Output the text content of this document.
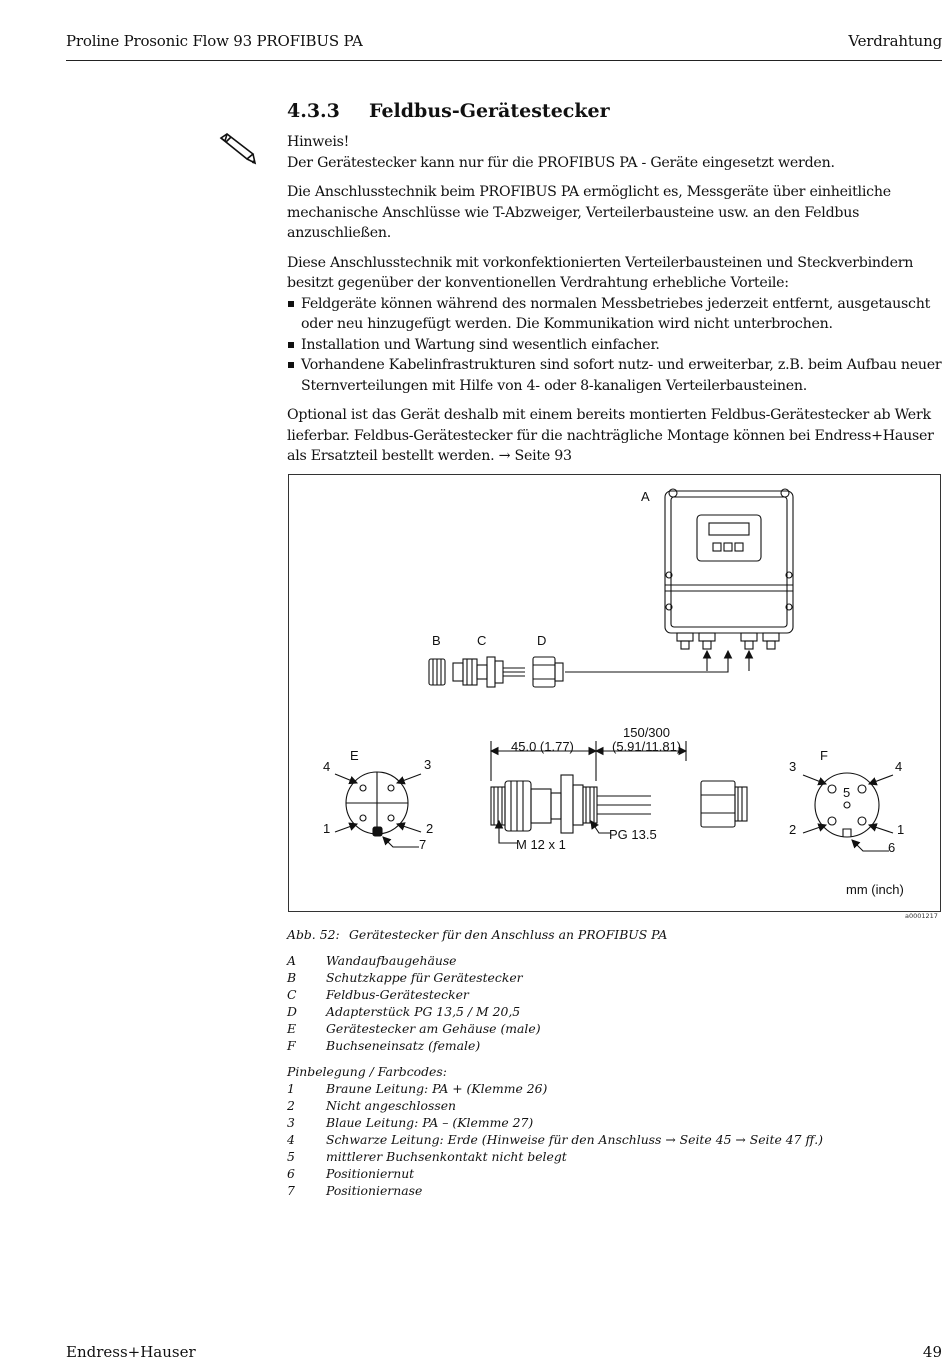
Proline Prosonic Flow 93 PROFIBUS PA	Verdrahtung
4.3.3 Feldbus-Gerätestecker

Hinweis!
Der Gerätestecker kann nur für die PROFIBUS PA - Geräte eingesetzt werden.

Die Anschlusstechnik beim PROFIBUS PA ermöglicht es, Messgeräte über einheitliche mechanische Anschlüsse wie T-Abzweiger, Verteilerbausteine usw. an den Feldbus anzuschließen.

Diese Anschlusstechnik mit vorkonfektionierten Verteilerbausteinen und Steckverbindern besitzt gegenüber der konventionellen Verdrahtung erhebliche Vorteile:

Feldgeräte können während des normalen Messbetriebes jederzeit entfernt, ausgetauscht oder neu hinzugefügt werden. Die Kommunikation wird nicht unterbrochen.
Installation und Wartung sind wesentlich einfacher.
Vorhandene Kabelinfrastrukturen sind sofort nutz- und erweiterbar, z.B. beim Aufbau neuer Sternverteilungen mit Hilfe von 4- oder 8-kanaligen Verteilerbausteinen.

Optional ist das Gerät deshalb mit einem bereits montierten Feldbus-Gerätestecker ab Werk lieferbar. Feldbus-Gerätestecker für die nachträgliche Montage können bei Endress+Hauser als Ersatzteil bestellt werden. → Seite 93

A
B	C	D
E	F
150/300
(5.91/11.81)
45.0 (1.77)
M 12 x 1
PG 13.5
mm (inch)
4	3
1	2
7
3	4
5
2	1
6
a0001217
Abb. 52: Gerätestecker für den Anschluss an PROFIBUS PA
A	Wandaufbaugehäuse
B	Schutzkappe für Gerätestecker
C	Feldbus-Gerätestecker
D	Adapterstück PG 13,5 / M 20,5
E	Gerätestecker am Gehäuse (male)
F	Buchseneinsatz (female)
Pinbelegung / Farbcodes:
1	Braune Leitung: PA + (Klemme 26)
2	Nicht angeschlossen
3	Blaue Leitung: PA – (Klemme 27)
4	Schwarze Leitung: Erde (Hinweise für den Anschluss → Seite 45 → Seite 47 ff.)
5	mittlerer Buchsenkontakt nicht belegt
6	Positioniernut
7	Positioniernase
Endress+Hauser	49
